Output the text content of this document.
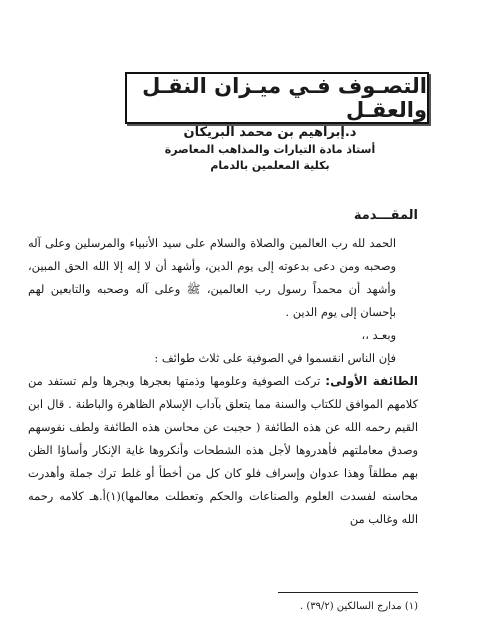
التصـوف فـي ميـزان النقـل والعقـل
د.إبراهيم بن محمد البريكان
أستاذ مادة التيارات والمذاهب المعاصرة
بكلية المعلمين بالدمام
المقـــدمة

الحمد لله رب العالمين والصلاة والسلام على سيد الأنبياء والمرسلين وعلى آله وصحبه ومن دعى بدعوته إلى يوم الدين، وأشهد أن لا إله إلا الله الحق المبين، وأشهد أن محمداً رسول رب العالمين، ﷺ وعلى آله وصحبه والتابعين لهم بإحسان إلى يوم الدين .

وبعـد ،،

فإن الناس انقسموا في الصوفية على ثلاث طوائف :

الطائفة الأولى: تركت الصوفية وعلومها وذمتها بعجرها وبجرها ولم تستفد من كلامهم الموافق للكتاب والسنة مما يتعلق بآداب الإسلام الظاهرة والباطنة . قال ابن القيم رحمه الله عن هذه الطائفة ( حجبت عن محاسن هذه الطائفة ولطف نفوسهم وصدق معاملتهم فأهدروها لأجل هذه الشطحات وأنكروها غاية الإنكار وأساؤا الظن بهم مطلقاً وهذا عدوان وإسراف فلو كان كل من أخطأ أو غلط ترك جملة وأهدرت محاسنه لفسدت العلوم والصناعات والحكم وتعطلت معالمها)(١)أ.هـ كلامه رحمه الله وغالب من

(١) مدارج السالكين (٣٩/٢) .
